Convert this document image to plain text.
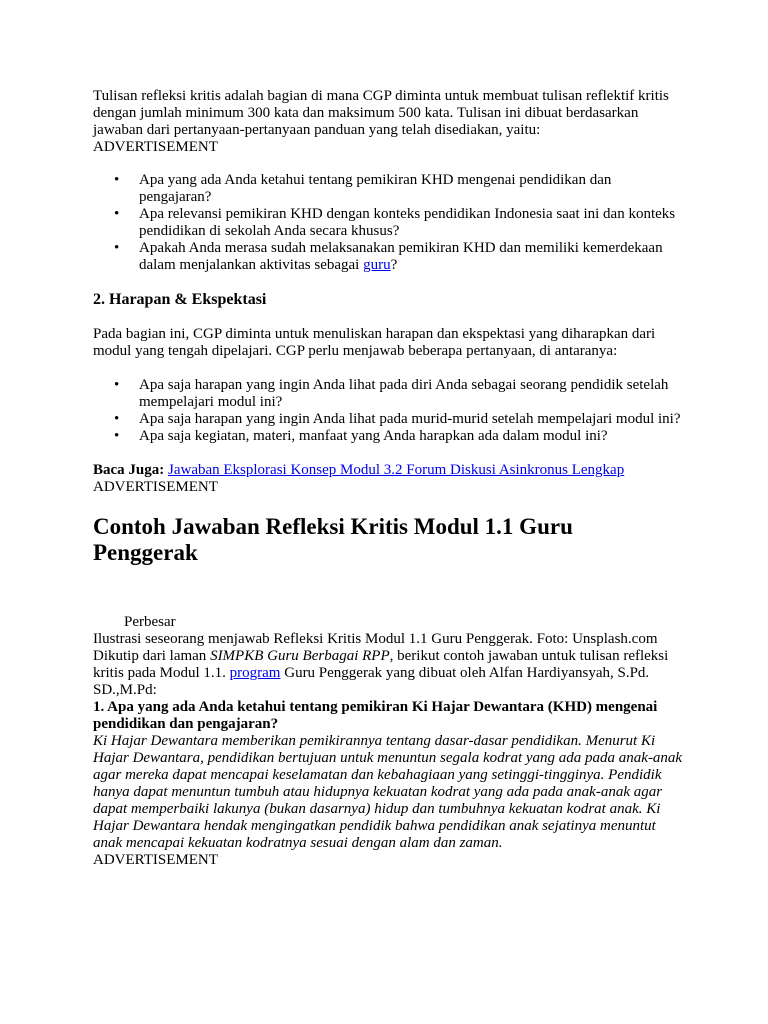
Tulisan refleksi kritis adalah bagian di mana CGP diminta untuk membuat tulisan reflektif kritis dengan jumlah minimum 300 kata dan maksimum 500 kata. Tulisan ini dibuat berdasarkan jawaban dari pertanyaan-pertanyaan panduan yang telah disediakan, yaitu:

ADVERTISEMENT

• Apa yang ada Anda ketahui tentang pemikiran KHD mengenai pendidikan dan pengajaran?
• Apa relevansi pemikiran KHD dengan konteks pendidikan Indonesia saat ini dan konteks pendidikan di sekolah Anda secara khusus?
• Apakah Anda merasa sudah melaksanakan pemikiran KHD dan memiliki kemerdekaan dalam menjalankan aktivitas sebagai guru?

2. Harapan & Ekspektasi

Pada bagian ini, CGP diminta untuk menuliskan harapan dan ekspektasi yang diharapkan dari modul yang tengah dipelajari. CGP perlu menjawab beberapa pertanyaan, di antaranya:

• Apa saja harapan yang ingin Anda lihat pada diri Anda sebagai seorang pendidik setelah mempelajari modul ini?
• Apa saja harapan yang ingin Anda lihat pada murid-murid setelah mempelajari modul ini?
• Apa saja kegiatan, materi, manfaat yang Anda harapkan ada dalam modul ini?

Baca Juga: Jawaban Eksplorasi Konsep Modul 3.2 Forum Diskusi Asinkronus Lengkap

ADVERTISEMENT

Contoh Jawaban Refleksi Kritis Modul 1.1 Guru Penggerak

Perbesar

Ilustrasi seseorang menjawab Refleksi Kritis Modul 1.1 Guru Penggerak. Foto: Unsplash.com

Dikutip dari laman SIMPKB Guru Berbagai RPP, berikut contoh jawaban untuk tulisan refleksi kritis pada Modul 1.1. program Guru Penggerak yang dibuat oleh Alfan Hardiyansyah, S.Pd. SD.,M.Pd:

1. Apa yang ada Anda ketahui tentang pemikiran Ki Hajar Dewantara (KHD) mengenai pendidikan dan pengajaran?

Ki Hajar Dewantara memberikan pemikirannya tentang dasar-dasar pendidikan. Menurut Ki Hajar Dewantara, pendidikan bertujuan untuk menuntun segala kodrat yang ada pada anak-anak agar mereka dapat mencapai keselamatan dan kebahagiaan yang setinggi-tingginya. Pendidik hanya dapat menuntun tumbuh atau hidupnya kekuatan kodrat yang ada pada anak-anak agar dapat memperbaiki lakunya (bukan dasarnya) hidup dan tumbuhnya kekuatan kodrat anak. Ki Hajar Dewantara hendak mengingatkan pendidik bahwa pendidikan anak sejatinya menuntut anak mencapai kekuatan kodratnya sesuai dengan alam dan zaman.

ADVERTISEMENT
